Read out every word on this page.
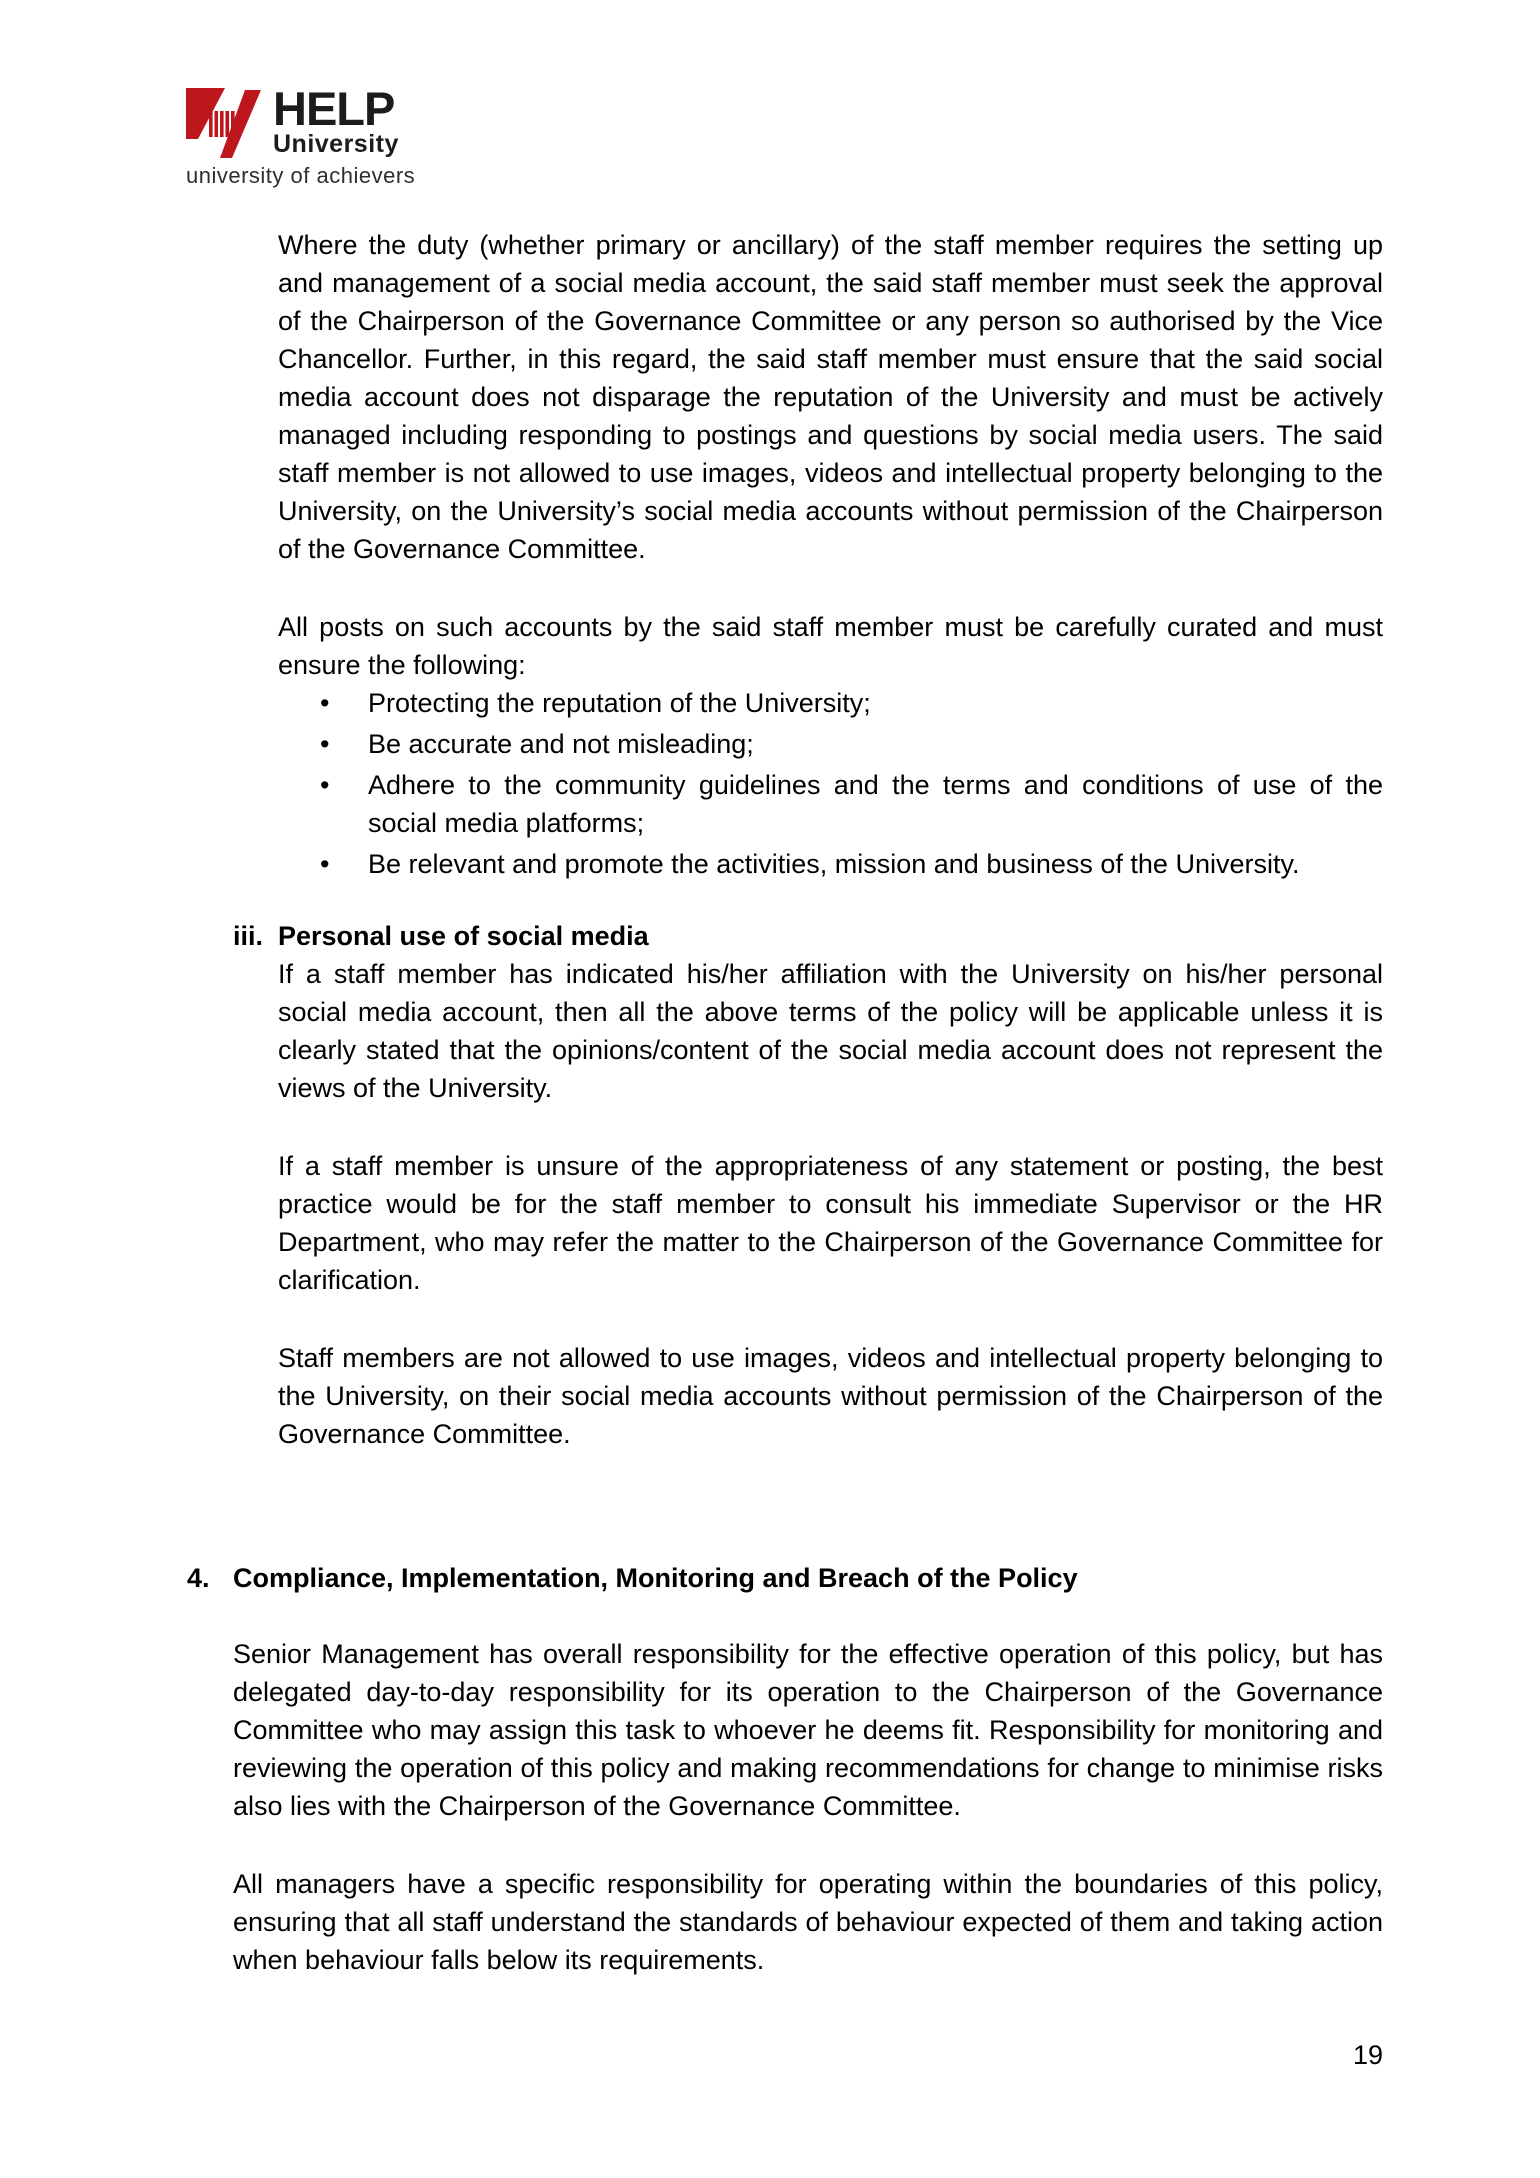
HELP
University
university of achievers

Where the duty (whether primary or ancillary) of the staff member requires the setting up and management of a social media account, the said staff member must seek the approval of the Chairperson of the Governance Committee or any person so authorised by the Vice Chancellor. Further, in this regard, the said staff member must ensure that the said social media account does not disparage the reputation of the University and must be actively managed including responding to postings and questions by social media users. The said staff member is not allowed to use images, videos and intellectual property belonging to the University, on the University’s social media accounts without permission of the Chairperson of the Governance Committee.

All posts on such accounts by the said staff member must be carefully curated and must ensure the following:

• Protecting the reputation of the University;
• Be accurate and not misleading;
• Adhere to the community guidelines and the terms and conditions of use of the social media platforms;
• Be relevant and promote the activities, mission and business of the University.
iii. Personal use of social media

If a staff member has indicated his/her affiliation with the University on his/her personal social media account, then all the above terms of the policy will be applicable unless it is clearly stated that the opinions/content of the social media account does not represent the views of the University.

If a staff member is unsure of the appropriateness of any statement or posting, the best practice would be for the staff member to consult his immediate Supervisor or the HR Department, who may refer the matter to the Chairperson of the Governance Committee for clarification.

Staff members are not allowed to use images, videos and intellectual property belonging to the University, on their social media accounts without permission of the Chairperson of the Governance Committee.

4. Compliance, Implementation, Monitoring and Breach of the Policy

Senior Management has overall responsibility for the effective operation of this policy, but has delegated day-to-day responsibility for its operation to the Chairperson of the Governance Committee who may assign this task to whoever he deems fit. Responsibility for monitoring and reviewing the operation of this policy and making recommendations for change to minimise risks also lies with the Chairperson of the Governance Committee.

All managers have a specific responsibility for operating within the boundaries of this policy, ensuring that all staff understand the standards of behaviour expected of them and taking action when behaviour falls below its requirements.

19
